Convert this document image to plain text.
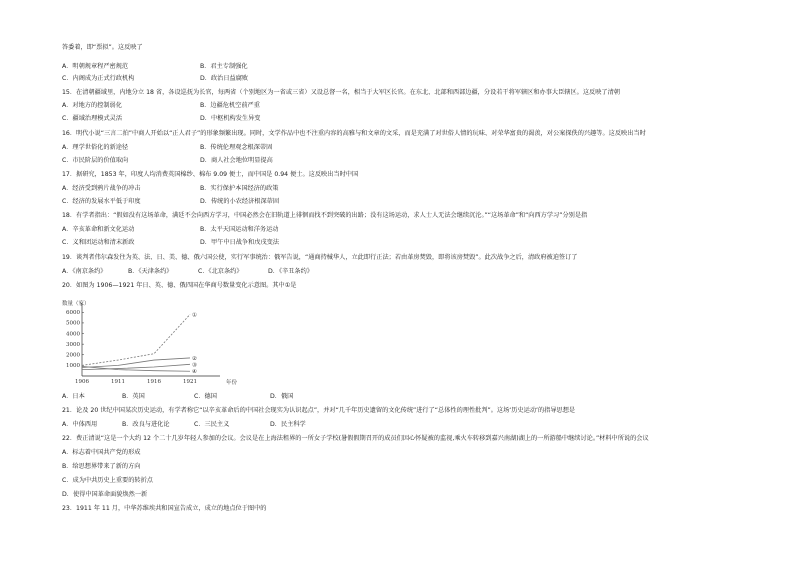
答委着，即“票拟”。这反映了
A．明朝规章程严密规范	B．君主专制强化
C．内阁成为正式行政机构	D．政治日益腐败
15．在清朝疆域里，内地分立 18 省，各设巡抚为长官，每两省（个别地区为一省或三省）又设总督一名，相当于大军区长官。在东北、北部和西部边疆，分设若干将军辖区和办事大臣辖区。这反映了清朝
A．对地方的控制弱化	B．边疆危机空前严重
C．疆域治理模式灵活	D．中枢机构发生异变
16．明代小说“三言二拍”中商人开始以“正人君子”的形象频繁出现。同时，文学作品中也不注重内容的高雅与和文章的文采，而是充满了对世俗人情的玩味、对荣华富贵的渴羡，对公案探佚的兴趣等。这反映出当时
A．理学世俗化的新途径	B．传统伦理观念根深蒂固
C．市民阶层的价值取向	D．商人社会地位明显提高
17．据研究，1853 年，印度人均消费英国棉纱、棉布 9.09 便士，而中国是 0.94 便士。这反映出当时中国
A．经济受到鸦片战争的冲击	B．实行保护本国经济的政策
C．经济的发展水平低于印度	D．传统的小农经济根深蒂固
18．有学者指出：“假如没有这场革命，满廷不会向西方学习，中国必然会在旧轨道上徘徊而找不到突破的出路；没有这场运动，求人士人无法会继续沉沦。”“这场革命”和“向西方学习”分别是指
A．辛亥革命和新文化运动	B．太平天国运动和洋务运动
C．义和团运动和清末新政	D．甲午中日战争和戊戌变法
19．谈判者伟尔森发往为英、法、日、美、德、俄六国公使，实行军事统治：俄军告说，“通商持械华人，立此即行正法；若由革房焚毁，即将该房焚毁”。此次战争之后，清政府被迫签订了
A．《南京条约》	B．《天津条约》	C．《北京条约》	D．《辛丑条约》
20．如图为 1906—1921 年日、英、德、俄四国在华商号数量变化示意图。其中①是
数量（家）
1000
2000
3000
4000
5000
6000
1906	1911	1916	1921
①
②
③
④
年份
A．日本	B．英国	C．德国	D．俄国
21．论及 20 世纪中国某次历史运动，有学者称它“以辛亥革命后的中国社会现实为认识起点”，并对“几千年历史遗留的文化传统”进行了“总体性的理性批判”。这场‘历史运动’的指导思想是
A．中体西用	B．改良与进化论	C．三民主义	D．民主科学
22．费正清说“这是一个大约 12 个二十几岁年轻人参加的会议。会议是在上海法租界的一所女子学校(暑假假期召开的成员们因心怀疑被的监视,乘火车转移到嘉兴南湖)湖上的一所游船中继续讨论。”材料中所说的会议
A．标志着中国共产党的形成
B．给思想界带来了新的方向
C．成为中共历史上重要的转折点
D．使得中国革命面貌焕然一新
23．1911 年 11 月，中华苏维埃共和国宣告成立，成立的地点位于图中的
